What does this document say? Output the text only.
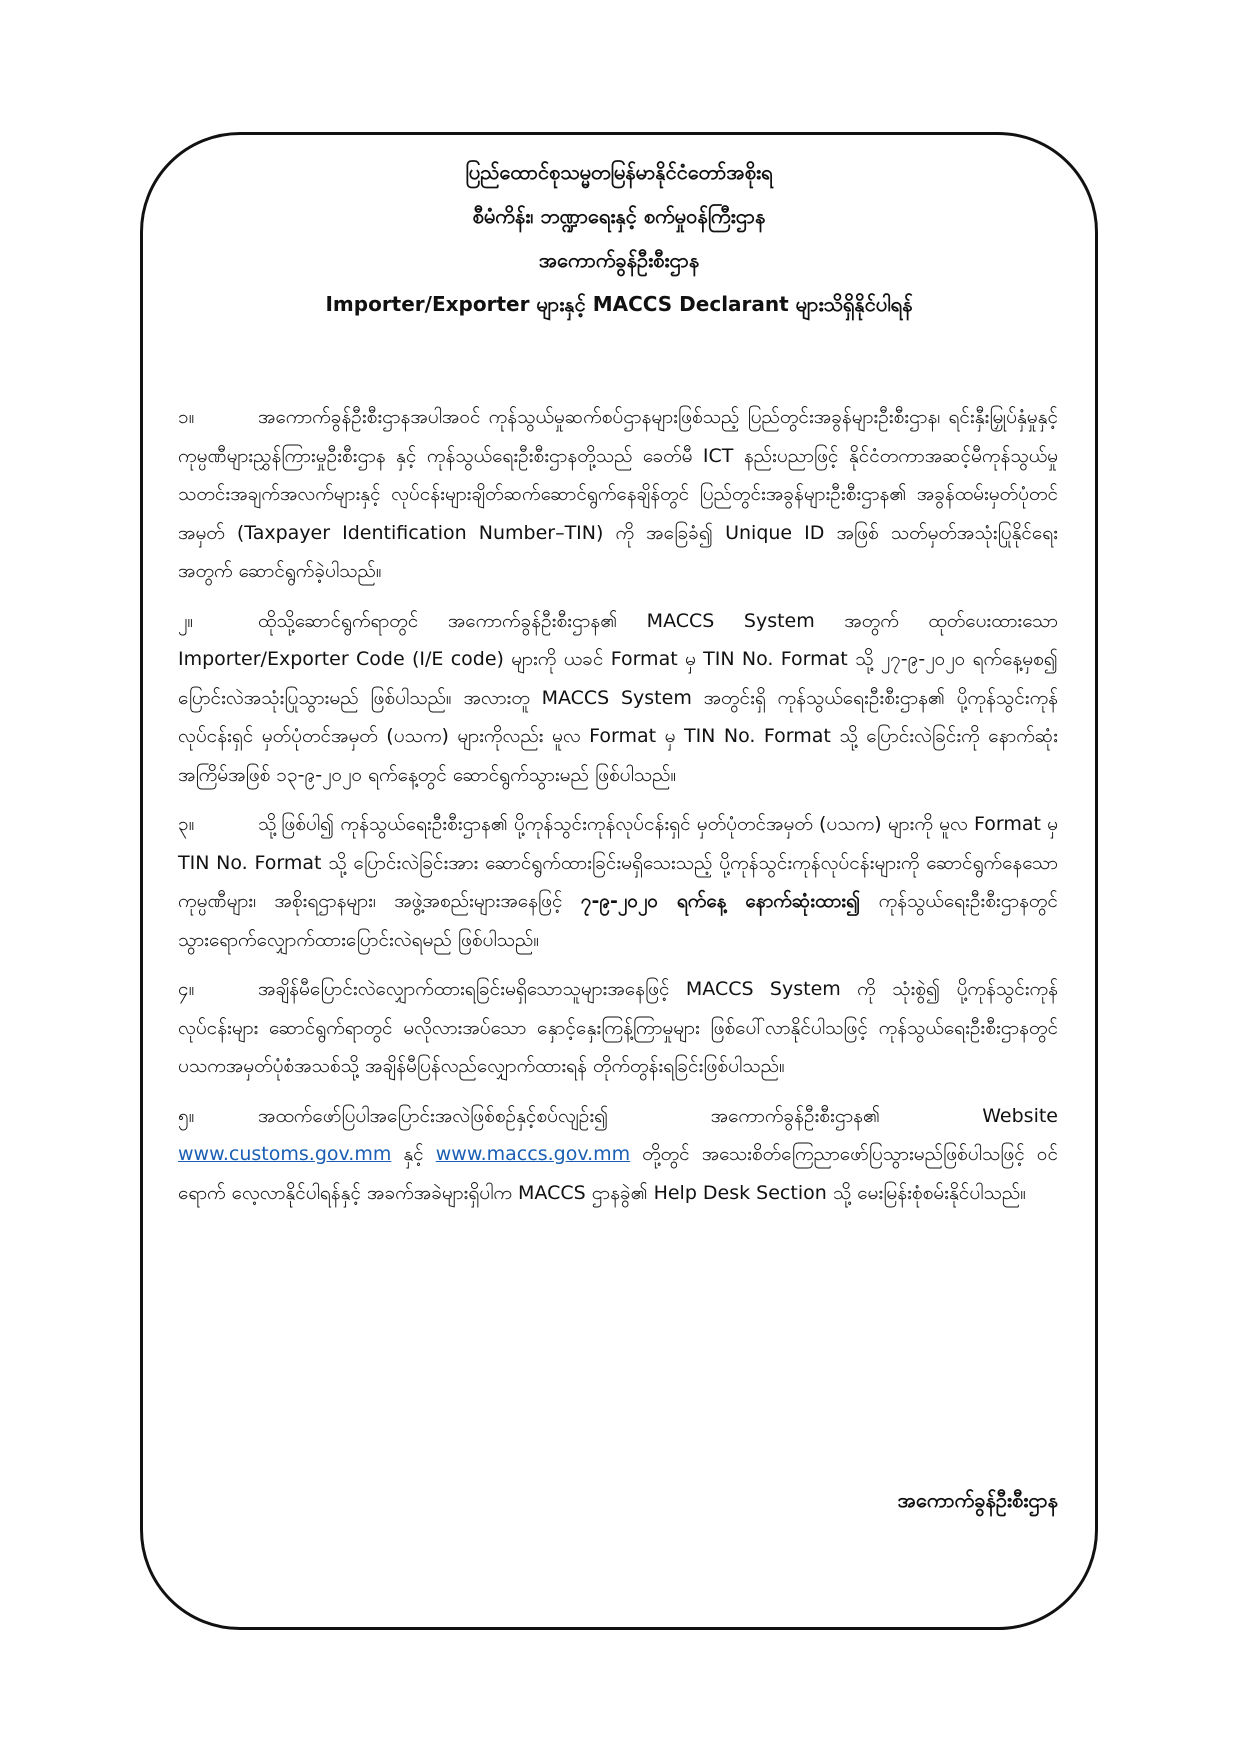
ပြည်ထောင်စုသမ္မတမြန်မာနိုင်ငံတော်အစိုးရ
စီမံကိန်း၊ ဘဏ္ဍာရေးနှင့် စက်မှုဝန်ကြီးဌာန
အကောက်ခွန်ဦးစီးဌာန
Importer/Exporter များနှင့် MACCS Declarant များသိရှိနိုင်ပါရန်

၁။	အကောက်ခွန်ဦးစီးဌာနအပါအဝင် ကုန်သွယ်မှုဆက်စပ်ဌာနများဖြစ်သည့် ပြည်တွင်းအခွန်များဦးစီးဌာန၊ ရင်းနှီးမြှုပ်နှံမှုနှင့်ကုမ္ပဏီများညွှန်ကြားမှုဦးစီးဌာန နှင့် ကုန်သွယ်ရေးဦးစီးဌာနတို့သည် ခေတ်မီ ICT နည်းပညာဖြင့် နိုင်ငံတကာအဆင့်မီကုန်သွယ်မှု သတင်းအချက်အလက်များနှင့် လုပ်ငန်းများချိတ်ဆက်ဆောင်ရွက်နေချိန်တွင် ပြည်တွင်းအခွန်များဦးစီးဌာန၏ အခွန်ထမ်းမှတ်ပုံတင်အမှတ် (Taxpayer Identification Number–TIN) ကို အခြေခံ၍ Unique ID အဖြစ် သတ်မှတ်အသုံးပြုနိုင်ရေးအတွက် ဆောင်ရွက်ခဲ့ပါသည်။

၂။	ထိုသို့ဆောင်ရွက်ရာတွင် အကောက်ခွန်ဦးစီးဌာန၏ MACCS System အတွက် ထုတ်ပေးထားသော Importer/Exporter Code (I/E code) များကို ယခင် Format မှ TIN No. Format သို့ ၂၇-၉-၂၀၂၀ ရက်နေ့မှစ၍ ပြောင်းလဲအသုံးပြုသွားမည် ဖြစ်ပါသည်။ အလားတူ MACCS System အတွင်းရှိ ကုန်သွယ်ရေးဦးစီးဌာန၏ ပို့ကုန်သွင်းကုန်လုပ်ငန်းရှင် မှတ်ပုံတင်အမှတ် (ပသက) များကိုလည်း မူလ Format မှ TIN No. Format သို့ ပြောင်းလဲခြင်းကို နောက်ဆုံးအကြိမ်အဖြစ် ၁၃-၉-၂၀၂၀ ရက်နေ့တွင် ဆောင်ရွက်သွားမည် ဖြစ်ပါသည်။

၃။	သို့ဖြစ်ပါ၍ ကုန်သွယ်ရေးဦးစီးဌာန၏ ပို့ကုန်သွင်းကုန်လုပ်ငန်းရှင် မှတ်ပုံတင်အမှတ် (ပသက) များကို မူလ Format မှ TIN No. Format သို့ ပြောင်းလဲခြင်းအား ဆောင်ရွက်ထားခြင်းမရှိသေးသည့် ပို့ကုန်သွင်းကုန်လုပ်ငန်းများကို ဆောင်ရွက်နေသော ကုမ္ပဏီများ၊ အစိုးရဌာနများ၊ အဖွဲ့အစည်းများအနေဖြင့် ၇-၉-၂၀၂၀ ရက်နေ့ နောက်ဆုံးထား၍ ကုန်သွယ်ရေးဦးစီးဌာနတွင် သွားရောက်လျှောက်ထားပြောင်းလဲရမည် ဖြစ်ပါသည်။

၄။	အချိန်မီပြောင်းလဲလျှောက်ထားရခြင်းမရှိသောသူများအနေဖြင့် MACCS System ကို သုံးစွဲ၍ ပို့ကုန်သွင်းကုန်လုပ်ငန်းများ ဆောင်ရွက်ရာတွင် မလိုလားအပ်သော နှောင့်နှေးကြန့်ကြာမှုများ ဖြစ်ပေါ်လာနိုင်ပါသဖြင့် ကုန်သွယ်ရေးဦးစီးဌာနတွင် ပသကအမှတ်ပုံစံအသစ်သို့ အချိန်မီပြန်လည်လျှောက်ထားရန် တိုက်တွန်းရခြင်းဖြစ်ပါသည်။

၅။	အထက်ဖော်ပြပါအပြောင်းအလဲဖြစ်စဉ်နှင့်စပ်လျဉ်း၍ အကောက်ခွန်ဦးစီးဌာန၏ Website www.customs.gov.mm နှင့် www.maccs.gov.mm တို့တွင် အသေးစိတ်ကြေညာဖော်ပြသွားမည်ဖြစ်ပါသဖြင့် ဝင်ရောက် လေ့လာနိုင်ပါရန်နှင့် အခက်အခဲများရှိပါက MACCS ဌာနခွဲ၏ Help Desk Section သို့ မေးမြန်းစုံစမ်းနိုင်ပါသည်။

အကောက်ခွန်ဦးစီးဌာန
